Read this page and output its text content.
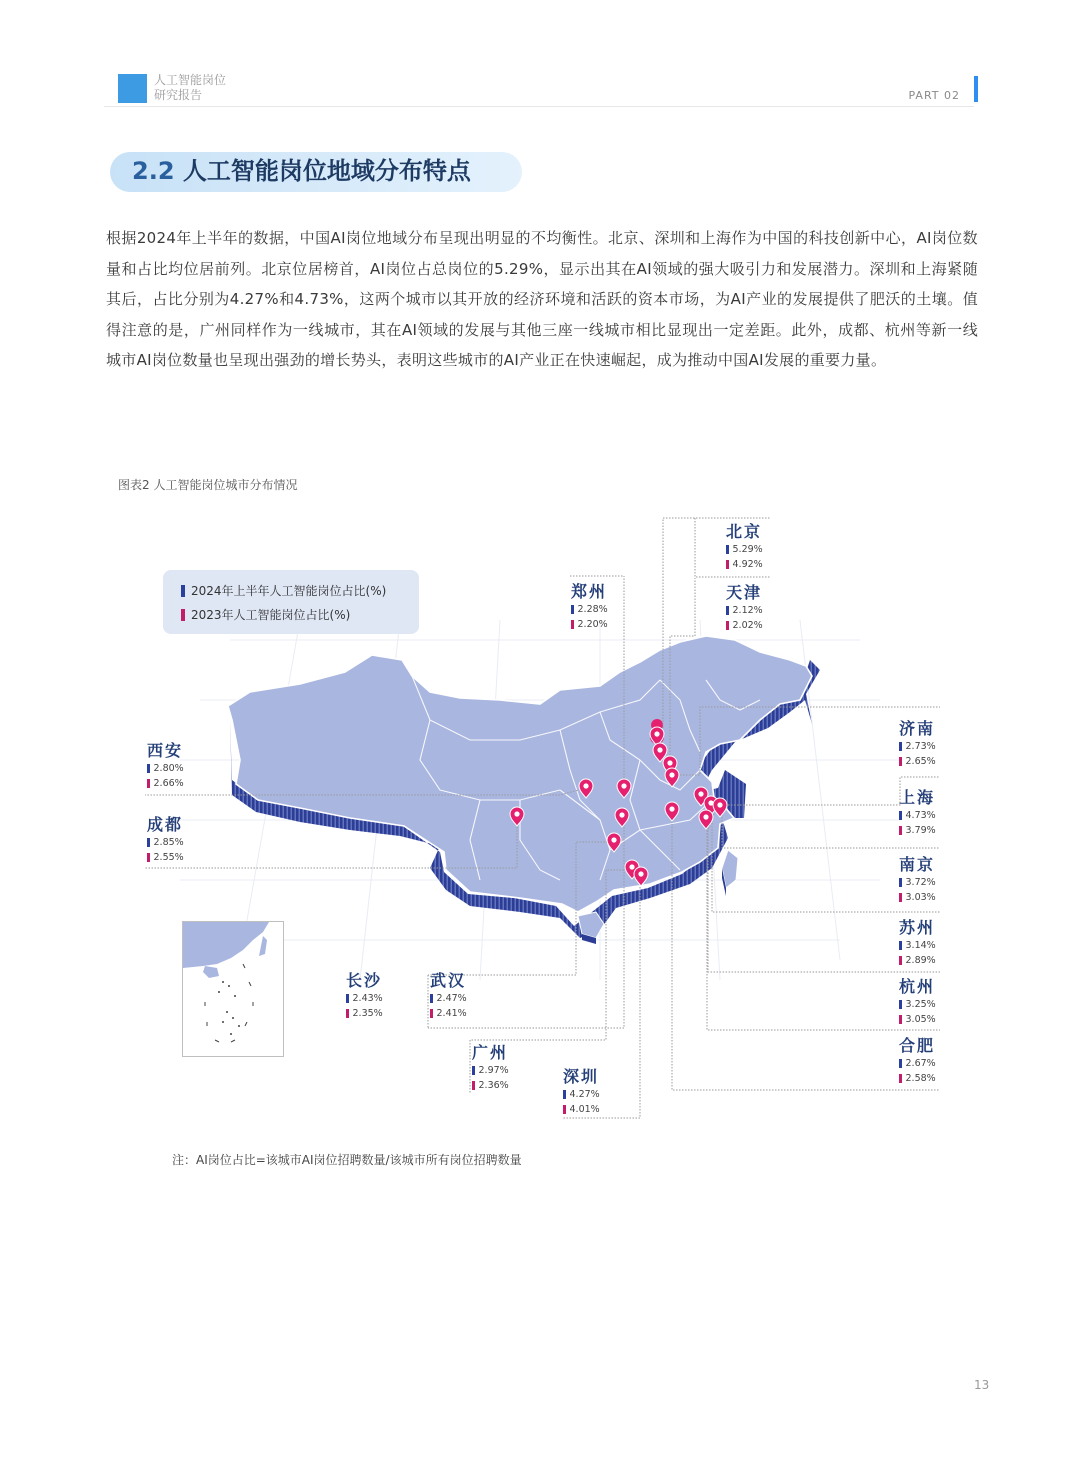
人工智能岗位
研究报告	PART 02
2.2 人工智能岗位地域分布特点
根据2024年上半年的数据，中国AI岗位地域分布呈现出明显的不均衡性。北京、深圳和上海作为中国的科技创新中心，AI岗位数量和占比均位居前列。北京位居榜首，AI岗位占总岗位的5.29%，显示出其在AI领域的强大吸引力和发展潜力。深圳和上海紧随其后，占比分别为4.27%和4.73%，这两个城市以其开放的经济环境和活跃的资本市场，为AI产业的发展提供了肥沃的土壤。值得注意的是，广州同样作为一线城市，其在AI领域的发展与其他三座一线城市相比显现出一定差距。此外，成都、杭州等新一线城市AI岗位数量也呈现出强劲的增长势头，表明这些城市的AI产业正在快速崛起，成为推动中国AI发展的重要力量。
图表2 人工智能岗位城市分布情况
2024年上半年人工智能岗位占比(%)
2023年人工智能岗位占比(%)
北京
5.29%
4.92%
天津
2.12%
2.02%
郑州
2.28%
2.20%
济南
2.73%
2.65%
上海
4.73%
3.79%
南京
3.72%
3.03%
苏州
3.14%
2.89%
杭州
3.25%
3.05%
合肥
2.67%
2.58%
西安
2.80%
2.66%
成都
2.85%
2.55%
长沙
2.43%
2.35%
武汉
2.47%
2.41%
广州
2.97%
2.36%	深圳
4.27%
4.01%
注：AI岗位占比=该城市AI岗位招聘数量/该城市所有岗位招聘数量
13
